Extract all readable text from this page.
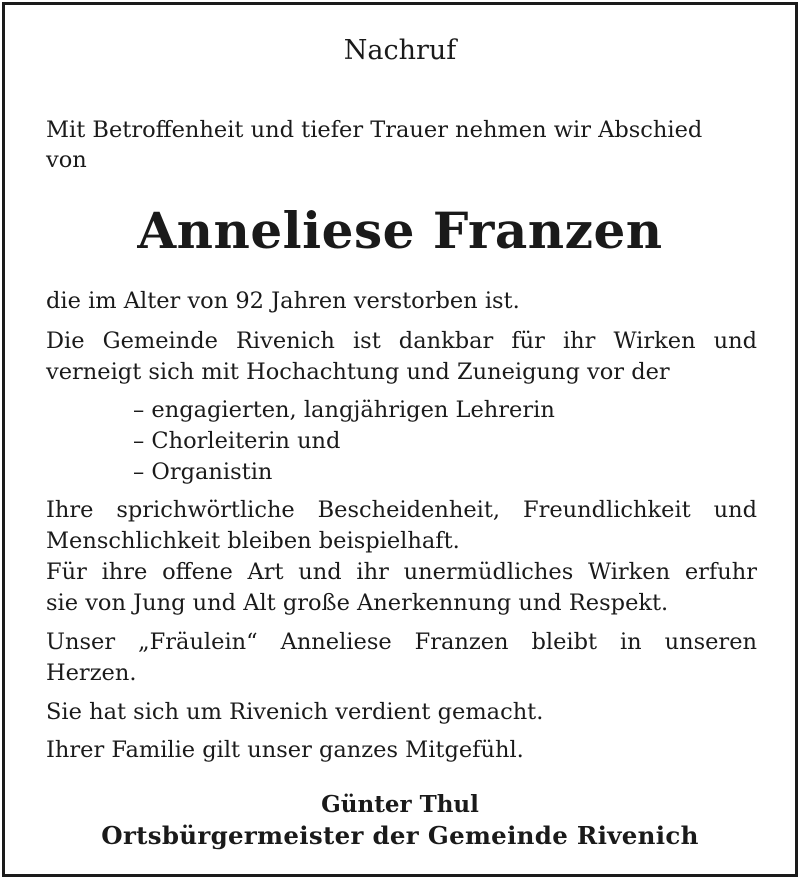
Nachruf
Mit Betroffenheit und tiefer Trauer nehmen wir Abschied
von
Anneliese Franzen
die im Alter von 92 Jahren verstorben ist.
Die Gemeinde Rivenich ist dankbar für ihr Wirken und
verneigt sich mit Hochachtung und Zuneigung vor der
– engagierten, langjährigen Lehrerin
– Chorleiterin und
– Organistin
Ihre sprichwörtliche Bescheidenheit, Freundlichkeit und
Menschlichkeit bleiben beispielhaft.
Für ihre offene Art und ihr unermüdliches Wirken erfuhr
sie von Jung und Alt große Anerkennung und Respekt.
Unser „Fräulein“ Anneliese Franzen bleibt in unseren
Herzen.
Sie hat sich um Rivenich verdient gemacht.
Ihrer Familie gilt unser ganzes Mitgefühl.
Günter Thul
Ortsbürgermeister der Gemeinde Rivenich
